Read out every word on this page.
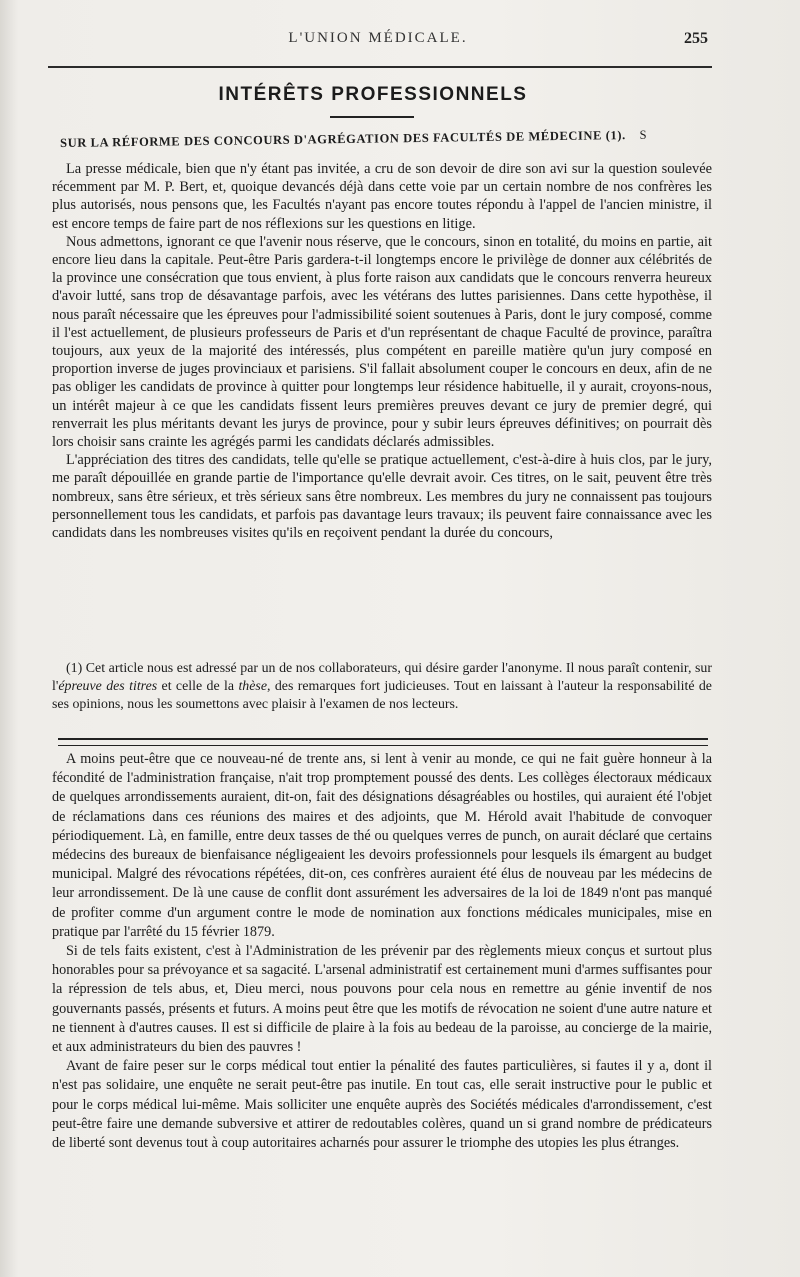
L'UNION MÉDICALE.	255
INTÉRÊTS PROFESSIONNELS
SUR LA RÉFORME DES CONCOURS D'AGRÉGATION DES FACULTÉS DE MÉDECINE (1). S

La presse médicale, bien que n'y étant pas invitée, a cru de son devoir de dire son avi sur la question soulevée récemment par M. P. Bert, et, quoique devancés déjà dans cette voie par un certain nombre de nos confrères les plus autorisés, nous pensons que, les Facultés n'ayant pas encore toutes répondu à l'appel de l'ancien ministre, il est encore temps de faire part de nos réflexions sur les questions en litige.

Nous admettons, ignorant ce que l'avenir nous réserve, que le concours, sinon en totalité, du moins en partie, ait encore lieu dans la capitale. Peut-être Paris gardera-t-il longtemps encore le privilège de donner aux célébrités de la province une consécration que tous envient, à plus forte raison aux candidats que le concours renverra heureux d'avoir lutté, sans trop de désavantage parfois, avec les vétérans des luttes parisiennes. Dans cette hypothèse, il nous paraît nécessaire que les épreuves pour l'admissibilité soient soutenues à Paris, dont le jury composé, comme il l'est actuellement, de plusieurs professeurs de Paris et d'un représentant de chaque Faculté de province, paraîtra toujours, aux yeux de la majorité des intéressés, plus compétent en pareille matière qu'un jury composé en proportion inverse de juges provinciaux et parisiens. S'il fallait absolument couper le concours en deux, afin de ne pas obliger les candidats de province à quitter pour longtemps leur résidence habituelle, il y aurait, croyons-nous, un intérêt majeur à ce que les candidats fissent leurs premières preuves devant ce jury de premier degré, qui renverrait les plus méritants devant les jurys de province, pour y subir leurs épreuves définitives; on pourrait dès lors choisir sans crainte les agrégés parmi les candidats déclarés admissibles.

L'appréciation des titres des candidats, telle qu'elle se pratique actuellement, c'est-à-dire à huis clos, par le jury, me paraît dépouillée en grande partie de l'importance qu'elle devrait avoir. Ces titres, on le sait, peuvent être très nombreux, sans être sérieux, et très sérieux sans être nombreux. Les membres du jury ne connaissent pas toujours personnellement tous les candidats, et parfois pas davantage leurs travaux; ils peuvent faire connaissance avec les candidats dans les nombreuses visites qu'ils en reçoivent pendant la durée du concours,

(1) Cet article nous est adressé par un de nos collaborateurs, qui désire garder l'anonyme. Il nous paraît contenir, sur l'épreuve des titres et celle de la thèse, des remarques fort judicieuses. Tout en laissant à l'auteur la responsabilité de ses opinions, nous les soumettons avec plaisir à l'examen de nos lecteurs.

A moins peut-être que ce nouveau-né de trente ans, si lent à venir au monde, ce qui ne fait guère honneur à la fécondité de l'administration française, n'ait trop promptement poussé des dents. Les collèges électoraux médicaux de quelques arrondissements auraient, dit-on, fait des désignations désagréables ou hostiles, qui auraient été l'objet de réclamations dans ces réunions des maires et des adjoints, que M. Hérold avait l'habitude de convoquer périodiquement. Là, en famille, entre deux tasses de thé ou quelques verres de punch, on aurait déclaré que certains médecins des bureaux de bienfaisance négligeaient les devoirs professionnels pour lesquels ils émargent au budget municipal. Malgré des révocations répétées, dit-on, ces confrères auraient été élus de nouveau par les médecins de leur arrondissement. De là une cause de conflit dont assurément les adversaires de la loi de 1849 n'ont pas manqué de profiter comme d'un argument contre le mode de nomination aux fonctions médicales municipales, mise en pratique par l'arrêté du 15 février 1879.

Si de tels faits existent, c'est à l'Administration de les prévenir par des règlements mieux conçus et surtout plus honorables pour sa prévoyance et sa sagacité. L'arsenal administratif est certainement muni d'armes suffisantes pour la répression de tels abus, et, Dieu merci, nous pouvons pour cela nous en remettre au génie inventif de nos gouvernants passés, présents et futurs. A moins peut être que les motifs de révocation ne soient d'une autre nature et ne tiennent à d'autres causes. Il est si difficile de plaire à la fois au bedeau de la paroisse, au concierge de la mairie, et aux administrateurs du bien des pauvres !

Avant de faire peser sur le corps médical tout entier la pénalité des fautes particulières, si fautes il y a, dont il n'est pas solidaire, une enquête ne serait peut-être pas inutile. En tout cas, elle serait instructive pour le public et pour le corps médical lui-même. Mais solliciter une enquête auprès des Sociétés médicales d'arrondissement, c'est peut-être faire une demande subversive et attirer de redoutables colères, quand un si grand nombre de prédicateurs de liberté sont devenus tout à coup autoritaires acharnés pour assurer le triomphe des utopies les plus étranges.
